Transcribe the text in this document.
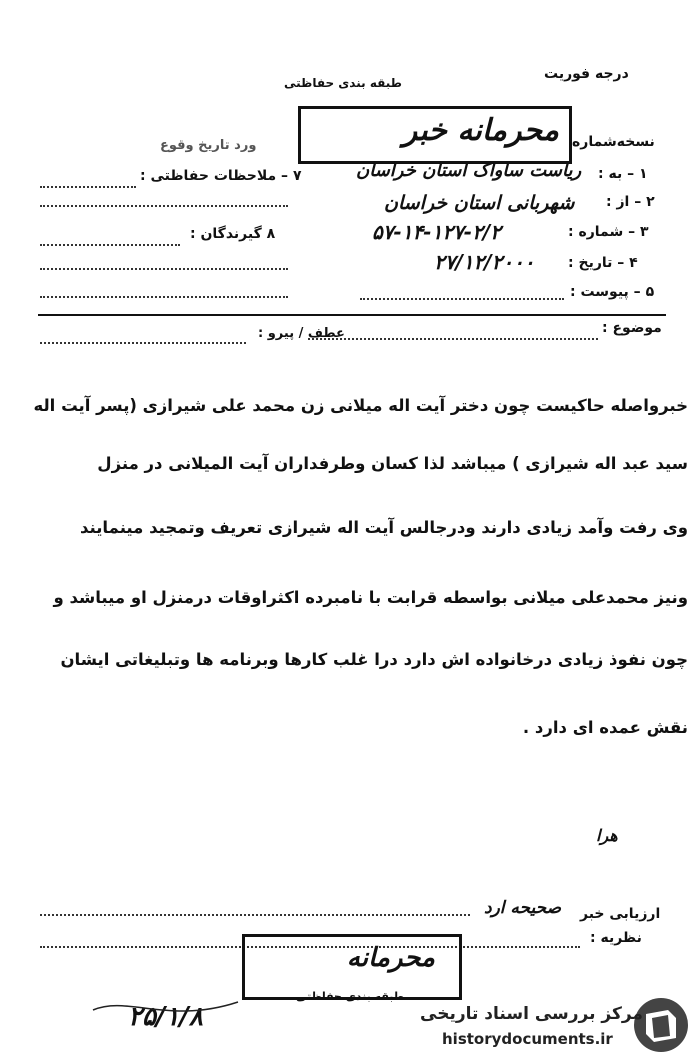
درجه فوریت
طبقه بندی حفاظتی
محرمانه خبر نسخه‌شماره
ورد تاریخ وقوع
۷ – ملاحظات حفاظتی :
۸ گیرندگان :
۱ – به :
ریاست ساواک استان خراسان
۲ – از :
شهربانی استان خراسان
۳ – شماره :
۵۷-۱۴-۱۲۷-۲/۲
۴ – تاریخ :
۲۷/۱۲/۲۰۰۰
۵ – پیوست :
موضوع :
عطف / پیرو :
خبرواصله حاکیست چون دختر آیت اله میلانی زن محمد علی شیرازی (پسر آیت اله
سید عبد اله شیرازی ) میباشد لذا کسان وطرفداران آیت المیلانی در منزل
وی رفت وآمد زیادی دارند ودرجالس آیت اله شیرازی تعریف وتمجید مینمایند
ونیز محمدعلی میلانی بواسطه قرابت با نامبرده اکثراوقات درمنزل او میباشد و
چون نفوذ زیادی درخانواده اش دارد درا غلب کارها وبرنامه ها وتبلیغاتی ایشان
نقش عمده ای دارد .
هرا
ارزیابی خبر
صحیحه ارد
نظریه :
محرمانه
طبقه بندی حفاظتی
۲۵/۱/۸	مرکز بررسی اسناد تاریخی
historydocuments.ir
